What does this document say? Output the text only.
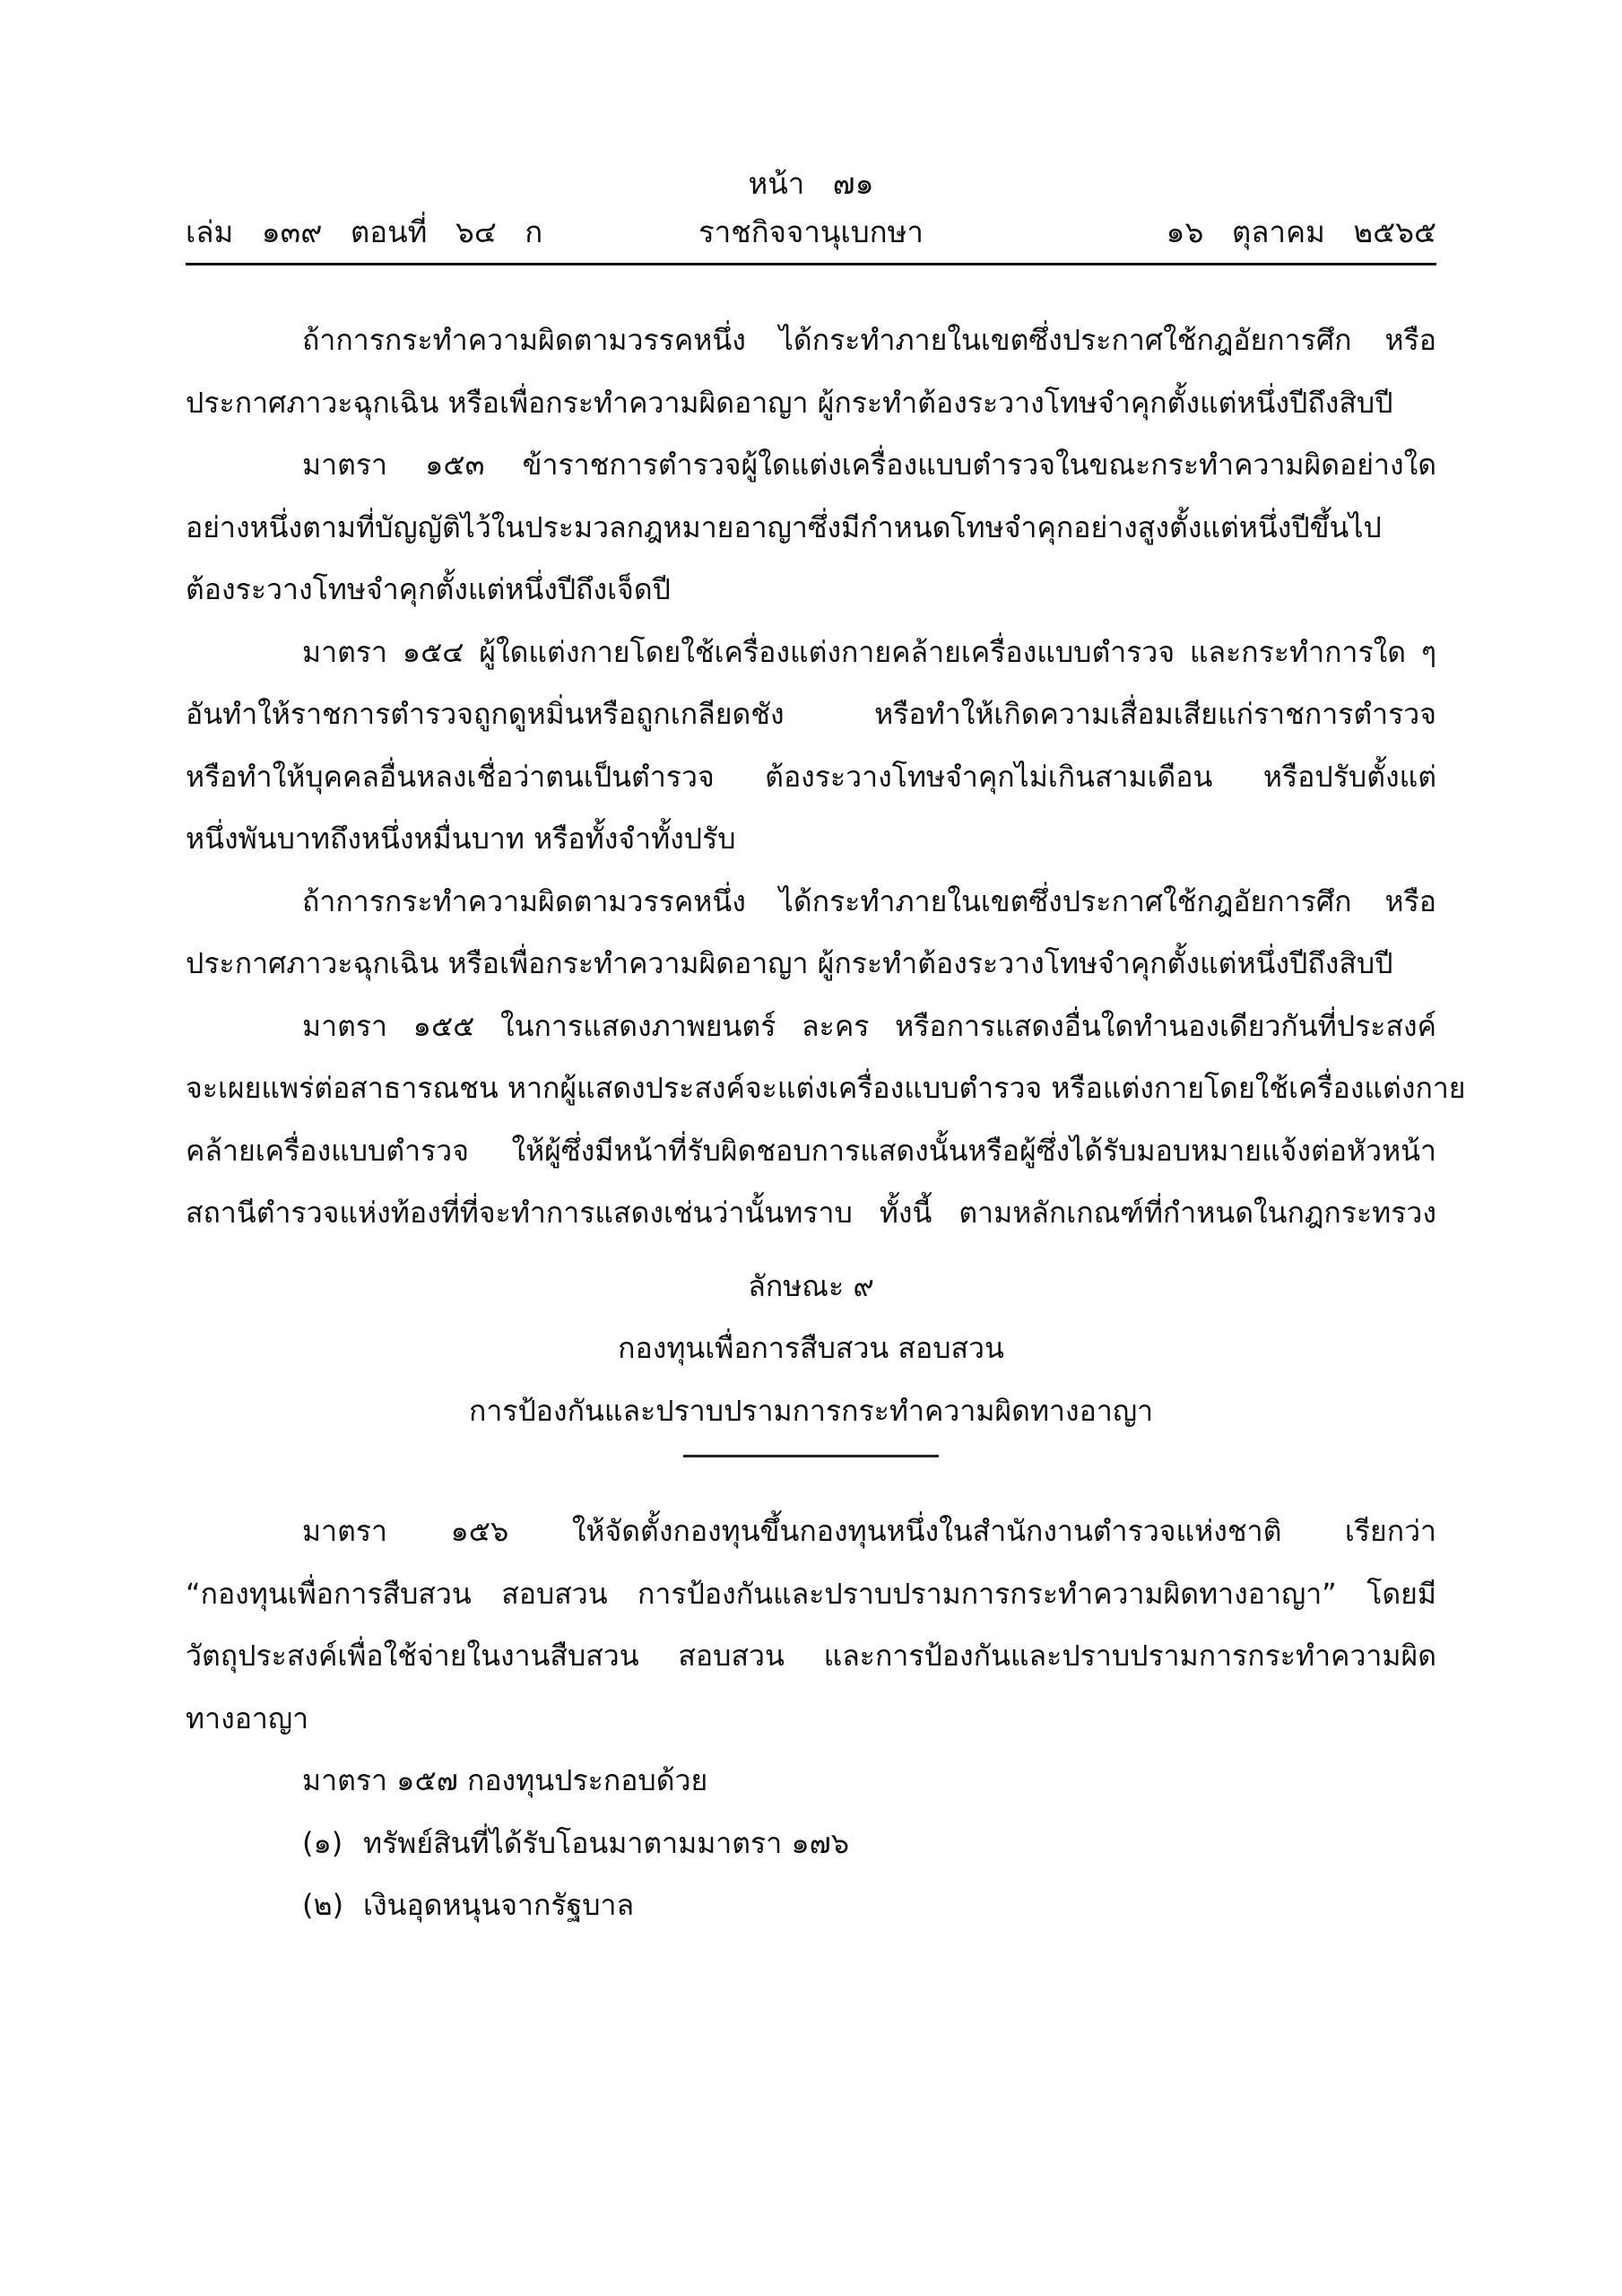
หน้า   ๗๑
เล่ม   ๑๓๙   ตอนที่   ๖๔   ก	ราชกิจจานุเบกษา	๑๖   ตุลาคม   ๒๕๖๕

ถ้าการกระทำความผิดตามวรรคหนึ่ง ได้กระทำภายในเขตซึ่งประกาศใช้กฎอัยการศึก หรือ
ประกาศภาวะฉุกเฉิน หรือเพื่อกระทำความผิดอาญา ผู้กระทำต้องระวางโทษจำคุกตั้งแต่หนึ่งปีถึงสิบปี

มาตรา ๑๕๓ ข้าราชการตำรวจผู้ใดแต่งเครื่องแบบตำรวจในขณะกระทำความผิดอย่างใด
อย่างหนึ่งตามที่บัญญัติไว้ในประมวลกฎหมายอาญาซึ่งมีกำหนดโทษจำคุกอย่างสูงตั้งแต่หนึ่งปีขึ้นไป
ต้องระวางโทษจำคุกตั้งแต่หนึ่งปีถึงเจ็ดปี

มาตรา ๑๕๔ ผู้ใดแต่งกายโดยใช้เครื่องแต่งกายคล้ายเครื่องแบบตำรวจ และกระทำการใด ๆ
อันทำให้ราชการตำรวจถูกดูหมิ่นหรือถูกเกลียดชัง หรือทำให้เกิดความเสื่อมเสียแก่ราชการตำรวจ
หรือทำให้บุคคลอื่นหลงเชื่อว่าตนเป็นตำรวจ ต้องระวางโทษจำคุกไม่เกินสามเดือน หรือปรับตั้งแต่
หนึ่งพันบาทถึงหนึ่งหมื่นบาท หรือทั้งจำทั้งปรับ

ถ้าการกระทำความผิดตามวรรคหนึ่ง ได้กระทำภายในเขตซึ่งประกาศใช้กฎอัยการศึก หรือ
ประกาศภาวะฉุกเฉิน หรือเพื่อกระทำความผิดอาญา ผู้กระทำต้องระวางโทษจำคุกตั้งแต่หนึ่งปีถึงสิบปี

มาตรา ๑๕๕ ในการแสดงภาพยนตร์ ละคร หรือการแสดงอื่นใดทำนองเดียวกันที่ประสงค์
จะเผยแพร่ต่อสาธารณชน หากผู้แสดงประสงค์จะแต่งเครื่องแบบตำรวจ หรือแต่งกายโดยใช้เครื่องแต่งกาย
คล้ายเครื่องแบบตำรวจ ให้ผู้ซึ่งมีหน้าที่รับผิดชอบการแสดงนั้นหรือผู้ซึ่งได้รับมอบหมายแจ้งต่อหัวหน้า
สถานีตำรวจแห่งท้องที่ที่จะทำการแสดงเช่นว่านั้นทราบ ทั้งนี้ ตามหลักเกณฑ์ที่กำหนดในกฎกระทรวง

ลักษณะ ๙
กองทุนเพื่อการสืบสวน สอบสวน
การป้องกันและปราบปรามการกระทำความผิดทางอาญา

มาตรา ๑๕๖ ให้จัดตั้งกองทุนขึ้นกองทุนหนึ่งในสำนักงานตำรวจแห่งชาติ เรียกว่า
“กองทุนเพื่อการสืบสวน สอบสวน การป้องกันและปราบปรามการกระทำความผิดทางอาญา” โดยมี
วัตถุประสงค์เพื่อใช้จ่ายในงานสืบสวน สอบสวน และการป้องกันและปราบปรามการกระทำความผิด
ทางอาญา

มาตรา ๑๕๗ กองทุนประกอบด้วย

(๑) ทรัพย์สินที่ได้รับโอนมาตามมาตรา ๑๗๖
(๒) เงินอุดหนุนจากรัฐบาล
